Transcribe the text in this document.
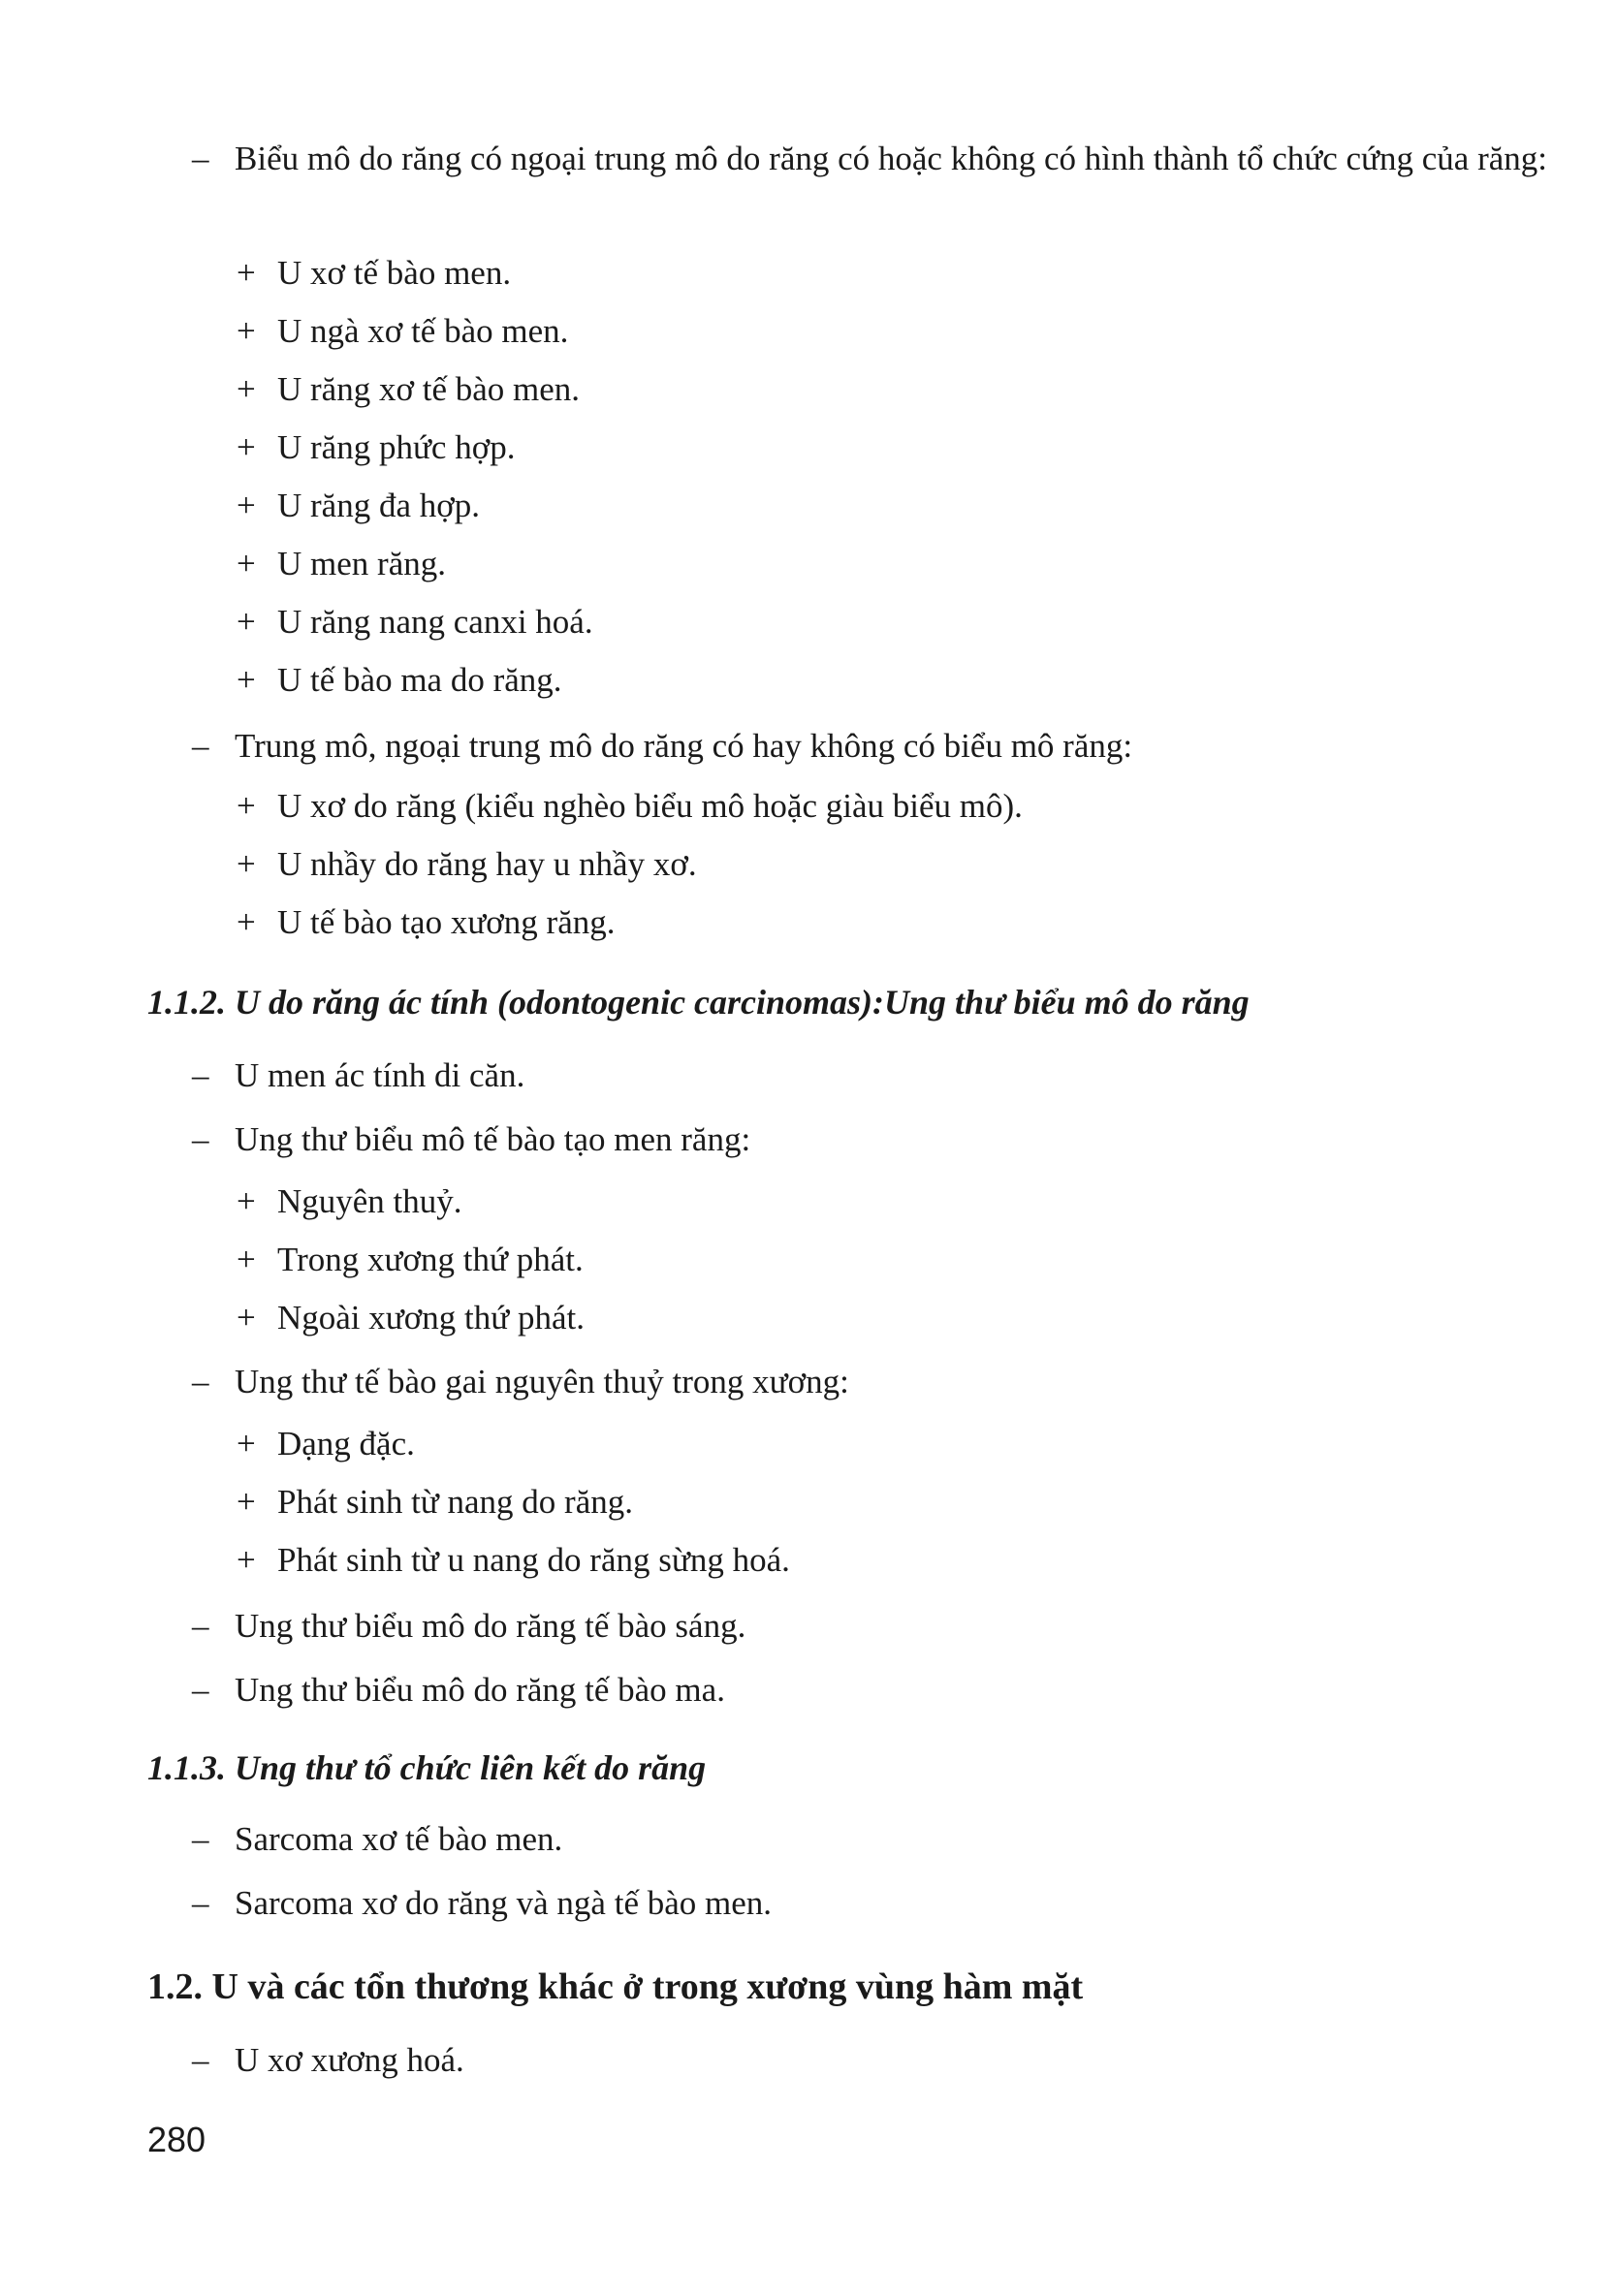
– Biểu mô do răng có ngoại trung mô do răng có hoặc không có hình thành tổ chức cứng của răng:
+ U xơ tế bào men.
+ U ngà xơ tế bào men.
+ U răng xơ tế bào men.
+ U răng phức hợp.
+ U răng đa hợp.
+ U men răng.
+ U răng nang canxi hoá.
+ U tế bào ma do răng.
– Trung mô, ngoại trung mô do răng có hay không có biểu mô răng:
+ U xơ do răng (kiểu nghèo biểu mô hoặc giàu biểu mô).
+ U nhầy do răng hay u nhầy xơ.
+ U tế bào tạo xương răng.
1.1.2. U do răng ác tính (odontogenic carcinomas):Ung thư biểu mô do răng
– U men ác tính di căn.
– Ung thư biểu mô tế bào tạo men răng:
+ Nguyên thuỷ.
+ Trong xương thứ phát.
+ Ngoài xương thứ phát.
– Ung thư tế bào gai nguyên thuỷ trong xương:
+ Dạng đặc.
+ Phát sinh từ nang do răng.
+ Phát sinh từ u nang do răng sừng hoá.
– Ung thư biểu mô do răng tế bào sáng.
– Ung thư biểu mô do răng tế bào ma.
1.1.3. Ung thư tổ chức liên kết do răng
– Sarcoma xơ tế bào men.
– Sarcoma xơ do răng và ngà tế bào men.
1.2. U và các tổn thương khác ở trong xương vùng hàm mặt
– U xơ xương hoá.
280
